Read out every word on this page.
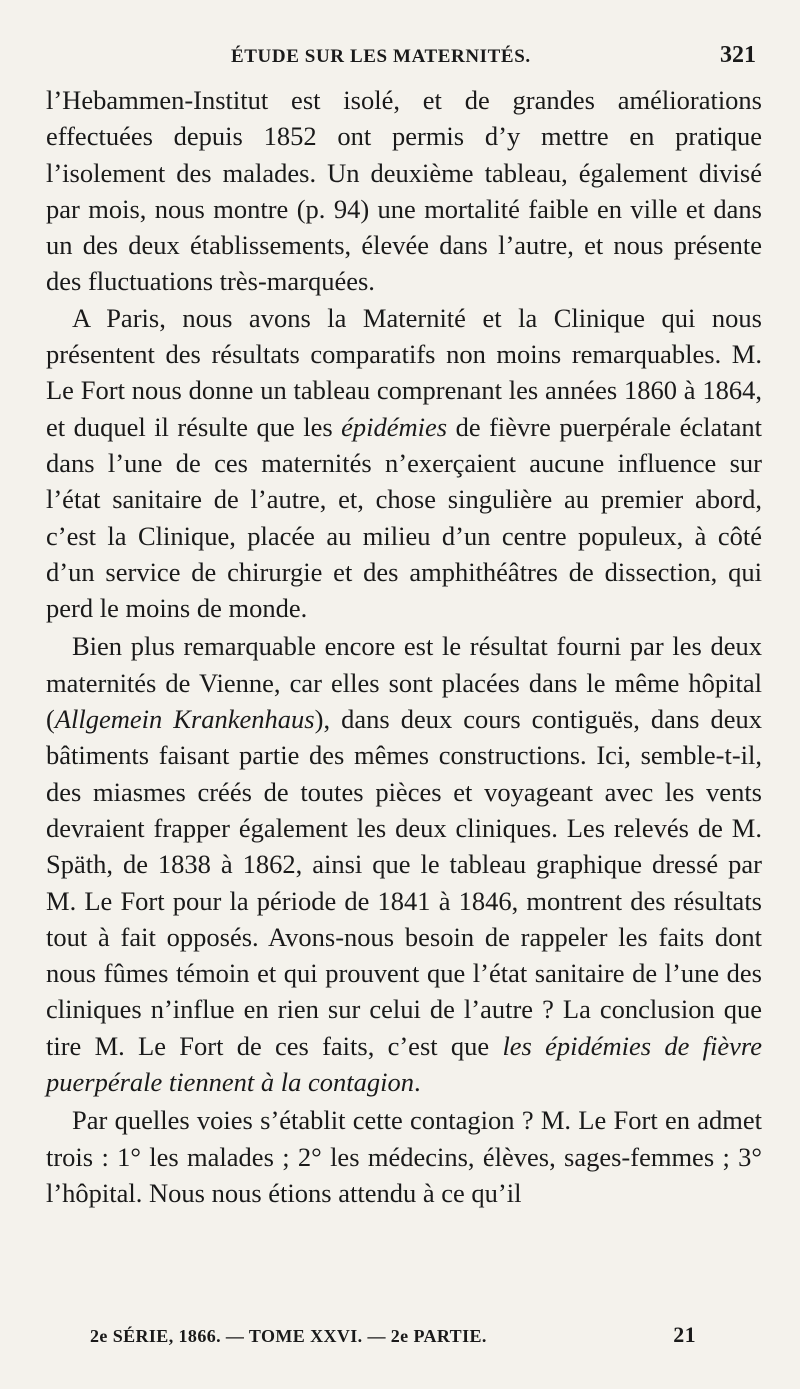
ÉTUDE SUR LES MATERNITÉS.	321

l’Hebammen-Institut est isolé, et de grandes améliorations effectuées depuis 1852 ont permis d’y mettre en pratique l’isolement des malades. Un deuxième tableau, également divisé par mois, nous montre (p. 94) une mortalité faible en ville et dans un des deux établissements, élevée dans l’autre, et nous présente des fluctuations très-marquées.

A Paris, nous avons la Maternité et la Clinique qui nous présentent des résultats comparatifs non moins remarquables. M. Le Fort nous donne un tableau comprenant les années 1860 à 1864, et duquel il résulte que les épidémies de fièvre puerpérale éclatant dans l’une de ces maternités n’exerçaient aucune influence sur l’état sanitaire de l’autre, et, chose singulière au premier abord, c’est la Clinique, placée au milieu d’un centre populeux, à côté d’un service de chirurgie et des amphithéâtres de dissection, qui perd le moins de monde.

Bien plus remarquable encore est le résultat fourni par les deux maternités de Vienne, car elles sont placées dans le même hôpital (Allgemein Krankenhaus), dans deux cours contiguës, dans deux bâtiments faisant partie des mêmes constructions. Ici, semble-t-il, des miasmes créés de toutes pièces et voyageant avec les vents devraient frapper également les deux cliniques. Les relevés de M. Späth, de 1838 à 1862, ainsi que le tableau graphique dressé par M. Le Fort pour la période de 1841 à 1846, montrent des résultats tout à fait opposés. Avons-nous besoin de rappeler les faits dont nous fûmes témoin et qui prouvent que l’état sanitaire de l’une des cliniques n’influe en rien sur celui de l’autre ? La conclusion que tire M. Le Fort de ces faits, c’est que les épidémies de fièvre puerpérale tiennent à la contagion.

Par quelles voies s’établit cette contagion ? M. Le Fort en admet trois : 1° les malades ; 2° les médecins, élèves, sages-femmes ; 3° l’hôpital. Nous nous étions attendu à ce qu’il

2e SÉRIE, 1866. — TOME XXVI. — 2e PARTIE.	21
